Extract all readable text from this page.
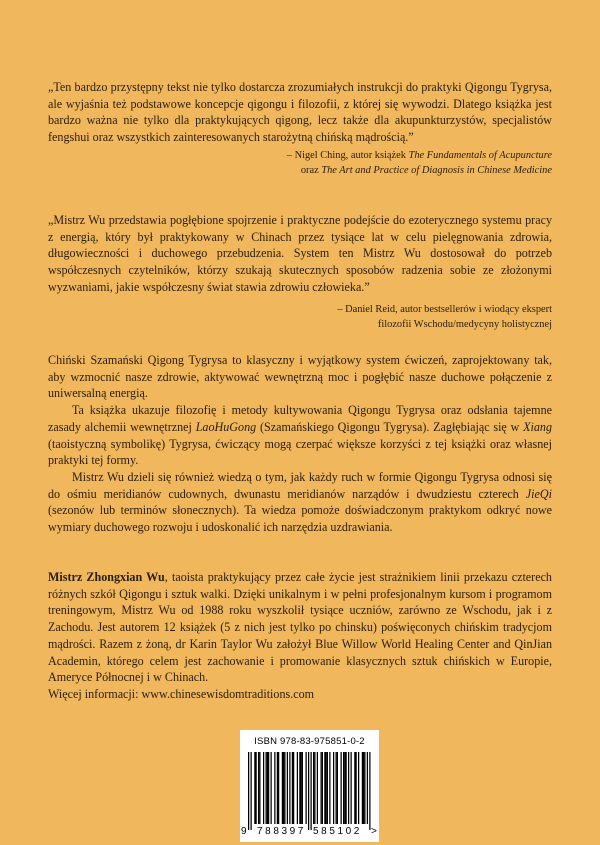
„Ten bardzo przystępny tekst nie tylko dostarcza zrozumiałych instrukcji do praktyki Qigongu Tygrysa, ale wyjaśnia też podstawowe koncepcje qigongu i filozofii, z której się wywodzi. Dlatego książka jest bardzo ważna nie tylko dla praktykujących qigong, lecz także dla akupunkturzystów, specjalistów fengshui oraz wszystkich zainteresowanych starożytną chińską mądrością.”

– Nigel Ching, autor książek The Fundamentals of Acupuncture
oraz The Art and Practice of Diagnosis in Chinese Medicine

„Mistrz Wu przedstawia pogłębione spojrzenie i praktyczne podejście do ezoterycznego systemu pracy z energią, który był praktykowany w Chinach przez tysiące lat w celu pielęgnowania zdrowia, długowieczności i duchowego przebudzenia. System ten Mistrz Wu dostosował do potrzeb współczesnych czytelników, którzy szukają skutecznych sposobów radzenia sobie ze złożonymi wyzwaniami, jakie współczesny świat stawia zdrowiu człowieka.”

– Daniel Reid, autor bestsellerów i wiodący ekspert
filozofii Wschodu/medycyny holistycznej

Chiński Szamański Qigong Tygrysa to klasyczny i wyjątkowy system ćwiczeń, zaprojektowany tak, aby wzmocnić nasze zdrowie, aktywować wewnętrzną moc i pogłębić nasze duchowe połączenie z uniwersalną energią.

Ta książka ukazuje filozofię i metody kultywowania Qigongu Tygrysa oraz odsłania tajemne zasady alchemii wewnętrznej LaoHuGong (Szamańskiego Qigongu Tygrysa). Zagłębiając się w Xiang (taoistyczną symbolikę) Tygrysa, ćwiczący mogą czerpać większe korzyści z tej książki oraz własnej praktyki tej formy.

Mistrz Wu dzieli się również wiedzą o tym, jak każdy ruch w formie Qigongu Tygrysa odnosi się do ośmiu meridianów cudownych, dwunastu meridianów narządów i dwudziestu czterech JieQi (sezonów lub terminów słonecznych). Ta wiedza pomoże doświadczonym praktykom odkryć nowe wymiary duchowego rozwoju i udoskonalić ich narzędzia uzdrawiania.

Mistrz Zhongxian Wu, taoista praktykujący przez całe życie jest strażnikiem linii przekazu czterech różnych szkół Qigongu i sztuk walki. Dzięki unikalnym i w pełni profesjonalnym kursom i programom treningowym, Mistrz Wu od 1988 roku wyszkolił tysiące uczniów, zarówno ze Wschodu, jak i z Zachodu. Jest autorem 12 książek (5 z nich jest tylko po chinsku) poświęconych chińskim tradycjom mądrości. Razem z żoną, dr Karin Taylor Wu założył Blue Willow World Healing Center and QinJian Academin, którego celem jest zachowanie i promowanie klasycznych sztuk chińskich w Europie, Ameryce Północnej i w Chinach.

Więcej informacji: www.chinesewisdomtraditions.com

ISBN 978-83-975851-0-2
9 788397 585102 >
